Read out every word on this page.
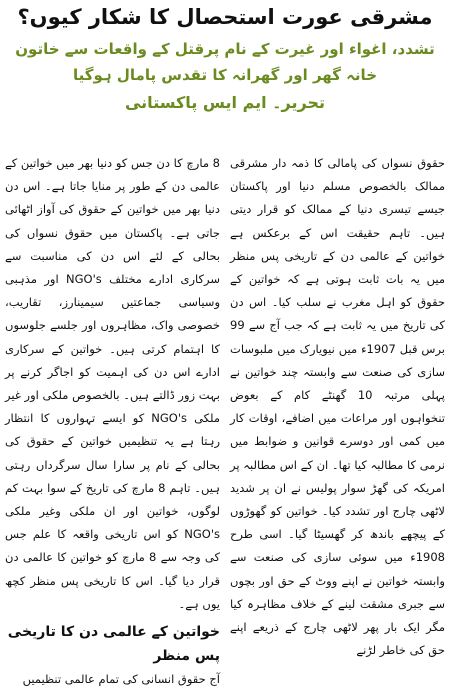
مشرقی عورت استحصال کا شکار کیوں؟
تشدد، اغواء اور غیرت کے نام پرقتل کے واقعات سے خاتون خانہ گھر اور گھرانہ کا تقدس پامال ہوگیا
تحریر۔ ایم ایس پاکستانی

8 مارچ کا دن جس کو دنیا بھر میں خواتین کے عالمی دن کے طور پر منایا جاتا ہے۔ اس دن دنیا بھر میں خواتین کے حقوق کی آواز اٹھائی جاتی ہے۔ پاکستان میں حقوق نسواں کی بحالی کے لئے اس دن کی مناسبت سے سرکاری ادارے مختلف NGO's اور مذہبی وسیاسی جماعتیں سیمینارز، تقاریب، خصوصی واک، مظاہروں اور جلسے جلوسوں کا اہتمام کرتی ہیں۔ خواتین کے سرکاری ادارے اس دن کی اہمیت کو اجاگر کرنے پر بہت زور ڈالتے ہیں۔ بالخصوص ملکی اور غیر ملکی NGO's کو ایسے تہواروں کا انتظار رہتا ہے یہ تنظیمیں خواتین کے حقوق کی بحالی کے نام پر سارا سال سرگرداں رہتی ہیں۔ تاہم 8 مارچ کی تاریخ کے سوا بہت کم لوگوں، خواتین اور ان ملکی وغیر ملکی NGO's کو اس تاریخی واقعہ کا علم جس کی وجہ سے 8 مارچ کو خواتین کا عالمی دن قرار دیا گیا۔ اس کا تاریخی پس منظر کچھ یوں ہے۔

خواتین کے عالمی دن کا تاریخی پس منظر

آج حقوق انسانی کی تمام عالمی تنظیمیں

حقوق نسواں کی پامالی کا ذمہ دار مشرقی ممالک بالخصوص مسلم دنیا اور پاکستان جیسے تیسری دنیا کے ممالک کو قرار دیتی ہیں۔ تاہم حقیقت اس کے برعکس ہے خواتین کے عالمی دن کے تاریخی پس منظر میں یہ بات ثابت ہوتی ہے کہ خواتین کے حقوق کو اہل مغرب نے سلب کیا۔ اس دن کی تاریخ میں یہ ثابت ہے کہ جب آج سے 99 برس قبل 1907ء میں نیویارک میں ملبوسات سازی کی صنعت سے وابستہ چند خواتین نے پہلی مرتبہ 10 گھنٹے کام کے بعوض تنخواہوں اور مراعات میں اضافے، اوقات کار میں کمی اور دوسرے قوانین و ضوابط میں نرمی کا مطالبہ کیا تھا۔ ان کے اس مطالبہ پر امریکہ کی گھڑ سوار پولیس نے ان پر شدید لاٹھی چارج اور تشدد کیا۔ خواتین کو گھوڑوں کے پیچھے باندھ کر گھسیٹا گیا۔ اسی طرح 1908ء میں سوئی سازی کی صنعت سے وابستہ خواتین نے اپنے ووٹ کے حق اور بچوں سے جبری مشقت لینے کے خلاف مظاہرہ کیا مگر ایک بار پھر لاٹھی چارج کے ذریعے اپنے حق کی خاطر لڑنے
